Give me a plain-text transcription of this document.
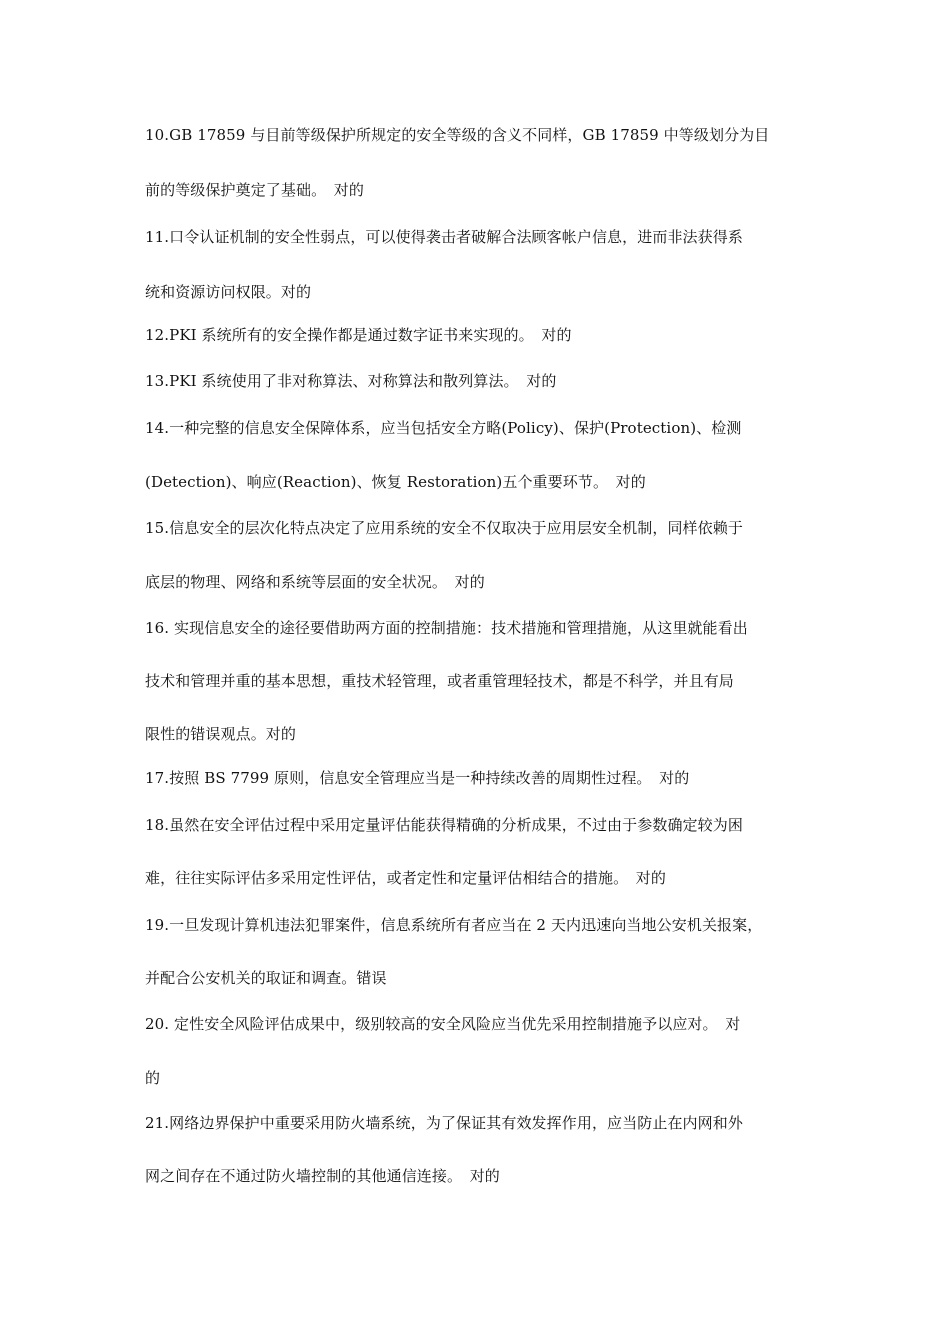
10.GB 17859 与目前等级保护所规定的安全等级的含义不同样，GB 17859 中等级划分为目
前的等级保护奠定了基础。　对的
11.口令认证机制的安全性弱点，可以使得袭击者破解合法顾客帐户信息，进而非法获得系
统和资源访问权限。对的
12.PKI 系统所有的安全操作都是通过数字证书来实现的。　对的
13.PKI 系统使用了非对称算法、对称算法和散列算法。　对的
14.一种完整的信息安全保障体系，应当包括安全方略(Policy)、保护(Protection)、检测
(Detection)、响应(Reaction)、恢复 Restoration)五个重要环节。　对的
15.信息安全的层次化特点决定了应用系统的安全不仅取决于应用层安全机制，同样依赖于
底层的物理、网络和系统等层面的安全状况。　对的
16. 实现信息安全的途径要借助两方面的控制措施：技术措施和管理措施，从这里就能看出
技术和管理并重的基本思想，重技术轻管理，或者重管理轻技术，都是不科学，并且有局
限性的错误观点。对的
17.按照 BS 7799 原则，信息安全管理应当是一种持续改善的周期性过程。　对的
18.虽然在安全评估过程中采用定量评估能获得精确的分析成果，不过由于参数确定较为困
难，往往实际评估多采用定性评估，或者定性和定量评估相结合的措施。　对的
19.一旦发现计算机违法犯罪案件，信息系统所有者应当在 2 天内迅速向当地公安机关报案，
并配合公安机关的取证和调查。错误
20. 定性安全风险评估成果中，级别较高的安全风险应当优先采用控制措施予以应对。　对
的
21.网络边界保护中重要采用防火墙系统，为了保证其有效发挥作用，应当防止在内网和外
网之间存在不通过防火墙控制的其他通信连接。　对的
